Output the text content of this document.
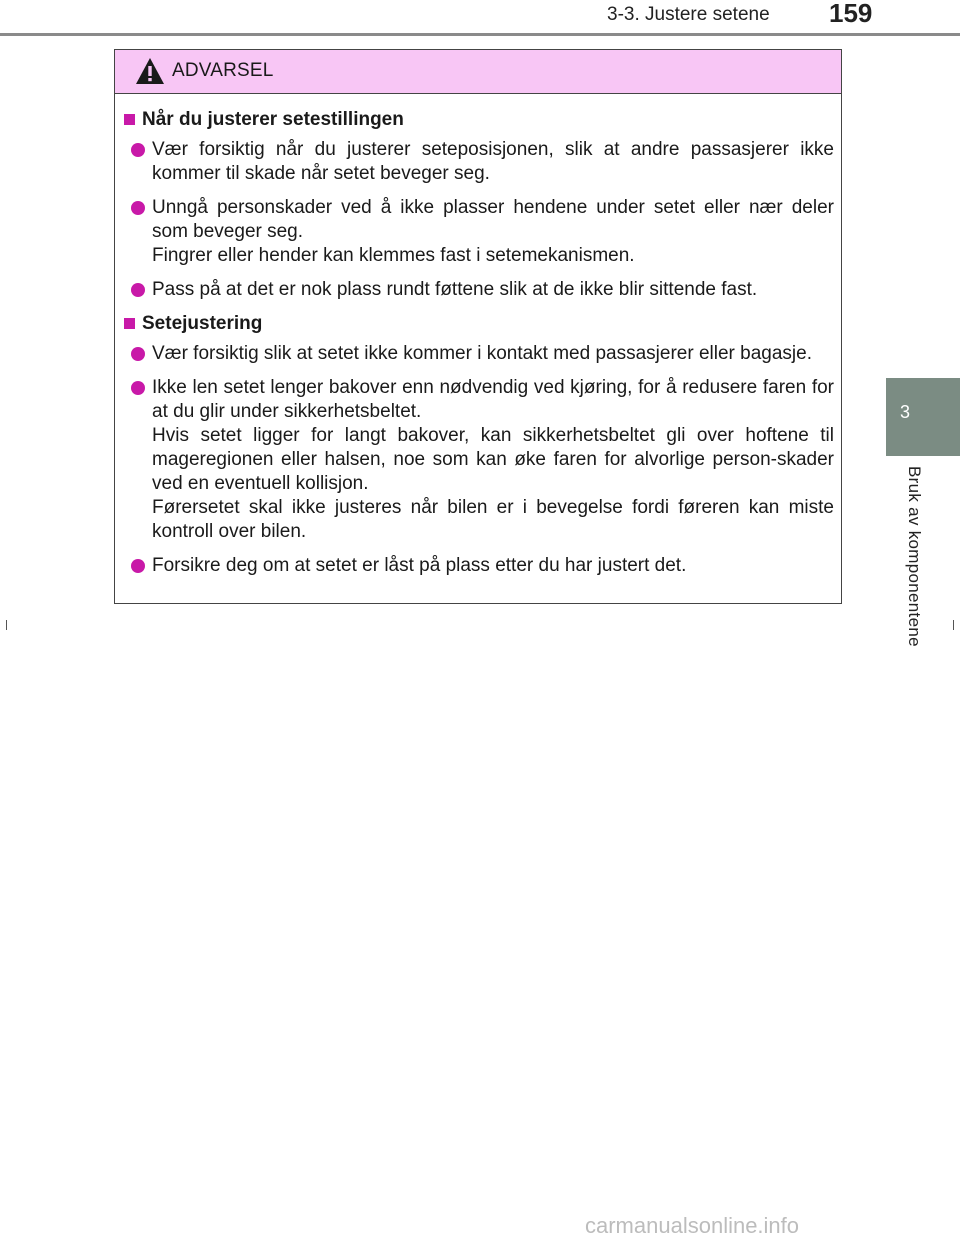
3-3. Justere setene 159
3
Bruk av komponentene
ADVARSEL
Når du justerer setestillingen
Vær forsiktig når du justerer seteposisjonen, slik at andre passasjerer ikke kommer til skade når setet beveger seg.
Unngå personskader ved å ikke plasser hendene under setet eller nær deler som beveger seg.
Fingrer eller hender kan klemmes fast i setemekanismen.
Pass på at det er nok plass rundt føttene slik at de ikke blir sittende fast.
Setejustering
Vær forsiktig slik at setet ikke kommer i kontakt med passasjerer eller bagasje.
Ikke len setet lenger bakover enn nødvendig ved kjøring, for å redusere faren for at du glir under sikkerhetsbeltet.
Hvis setet ligger for langt bakover, kan sikkerhetsbeltet gli over hoftene til mageregionen eller halsen, noe som kan øke faren for alvorlige person-skader ved en eventuell kollisjon.
Førersetet skal ikke justeres når bilen er i bevegelse fordi føreren kan miste kontroll over bilen.
Forsikre deg om at setet er låst på plass etter du har justert det.
carmanualsonline.info
